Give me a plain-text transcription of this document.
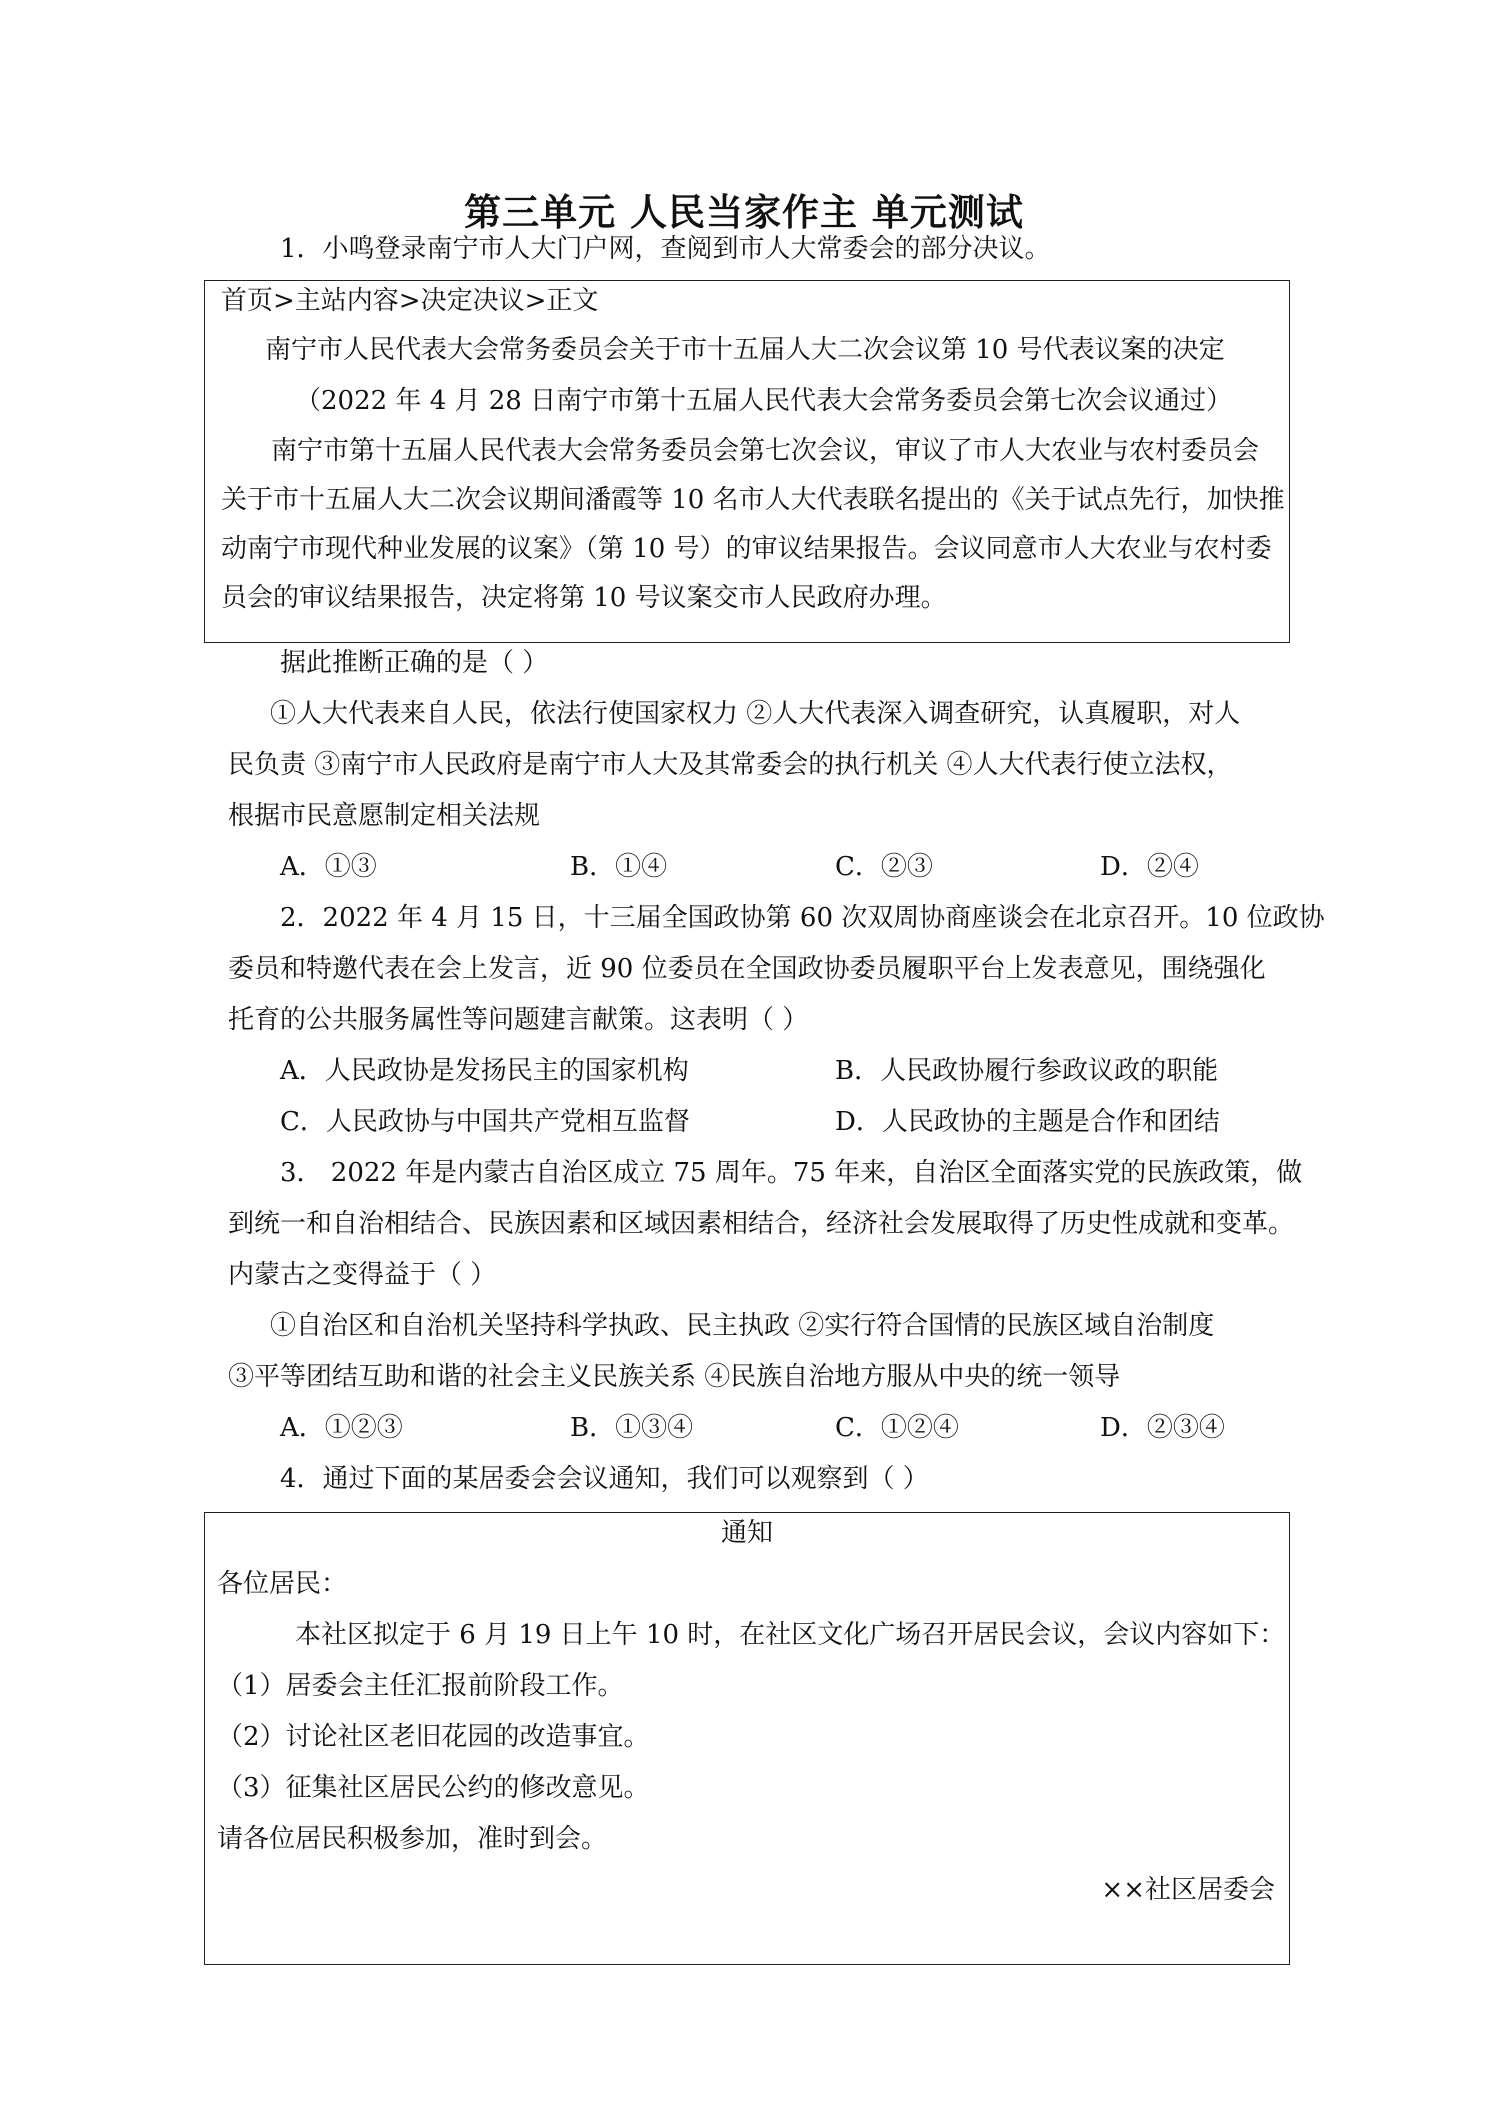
第三单元 人民当家作主 单元测试
1．小鸣登录南宁市人大门户网，查阅到市人大常委会的部分决议。
首页>主站内容>决定决议>正文
南宁市人民代表大会常务委员会关于市十五届人大二次会议第 10 号代表议案的决定
（2022 年 4 月 28 日南宁市第十五届人民代表大会常务委员会第七次会议通过）
南宁市第十五届人民代表大会常务委员会第七次会议，审议了市人大农业与农村委员会
关于市十五届人大二次会议期间潘霞等 10 名市人大代表联名提出的《关于试点先行，加快推
动南宁市现代种业发展的议案》（第 10 号）的审议结果报告。会议同意市人大农业与农村委
员会的审议结果报告，决定将第 10 号议案交市人民政府办理。
据此推断正确的是（ ）
①人大代表来自人民，依法行使国家权力 ②人大代表深入调查研究，认真履职，对人
民负责 ③南宁市人民政府是南宁市人大及其常委会的执行机关 ④人大代表行使立法权，
根据市民意愿制定相关法规
A．①③	B．①④	C．②③	D．②④
2．2022 年 4 月 15 日，十三届全国政协第 60 次双周协商座谈会在北京召开。10 位政协
委员和特邀代表在会上发言，近 90 位委员在全国政协委员履职平台上发表意见，围绕强化
托育的公共服务属性等问题建言献策。这表明（ ）
A．人民政协是发扬民主的国家机构	B．人民政协履行参政议政的职能
C．人民政协与中国共产党相互监督	D．人民政协的主题是合作和团结
3． 2022 年是内蒙古自治区成立 75 周年。75 年来，自治区全面落实党的民族政策，做
到统一和自治相结合、民族因素和区域因素相结合，经济社会发展取得了历史性成就和变革。
内蒙古之变得益于（ ）
①自治区和自治机关坚持科学执政、民主执政 ②实行符合国情的民族区域自治制度
③平等团结互助和谐的社会主义民族关系 ④民族自治地方服从中央的统一领导
A．①②③	B．①③④	C．①②④	D．②③④
4．通过下面的某居委会会议通知，我们可以观察到（ ）
通知
各位居民：
本社区拟定于 6 月 19 日上午 10 时，在社区文化广场召开居民会议，会议内容如下：
（1）居委会主任汇报前阶段工作。
（2）讨论社区老旧花园的改造事宜。
（3）征集社区居民公约的修改意见。
请各位居民积极参加，准时到会。
××社区居委会
